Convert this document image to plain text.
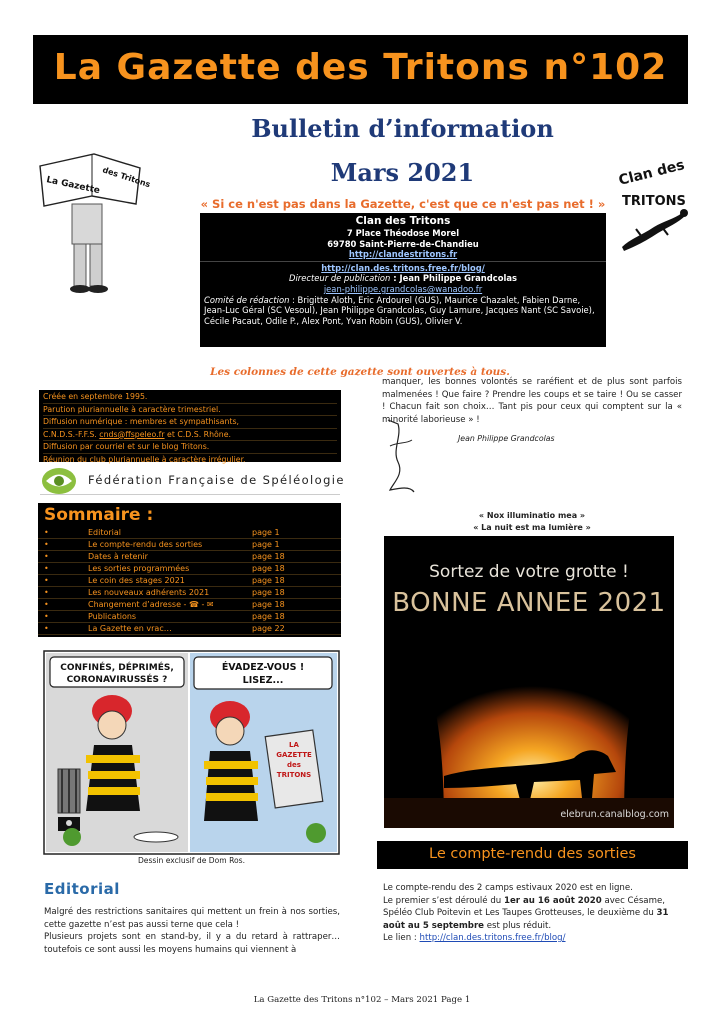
La Gazette des Tritons n°102
La Gazette des Tritons
Bulletin d’information
Mars 2021
« Si ce n'est pas dans la Gazette, c'est que ce n'est pas net ! »
Clan des
TRITONS
Clan des Tritons
7 Place Théodose Morel
69780 Saint-Pierre-de-Chandieu
http://clandestritons.fr
http://clan.des.tritons.free.fr/blog/
Directeur de publication : Jean Philippe Grandcolas
jean-philippe.grandcolas@wanadoo.fr
Comité de rédaction : Brigitte Aloth, Eric Ardourel (GUS), Maurice Chazalet, Fabien Darne, Jean-Luc Géral (SC Vesoul), Jean Philippe Grandcolas, Guy Lamure, Jacques Nant (SC Savoie), Cécile Pacaut, Odile P., Alex Pont, Yvan Robin (GUS), Olivier V.
Les colonnes de cette gazette sont ouvertes à tous.
Créée en septembre 1995.
Parution pluriannuelle à caractère trimestriel.
Diffusion numérique : membres et sympathisants,
C.N.D.S.-F.F.S. cnds@ffspeleo.fr et C.D.S. Rhône.
Diffusion par courriel et sur le blog Tritons.
Réunion du club pluriannuelle à caractère irrégulier.
Fédération Française de Spéléologie
Sommaire :
•	Editorial	page 1
•	Le compte-rendu des sorties	page 1
•	Dates à retenir	page 18
•	Les sorties programmées	page 18
•	Le coin des stages 2021	page 18
•	Les nouveaux adhérents 2021	page 18
•	Changement d’adresse - ☎ - ✉	page 18
•	Publications	page 18
•	La Gazette en vrac…	page 22
CONFINÉS, DÉPRIMÉS,
CORONAVIRUSSÉS ?
ÉVADEZ-VOUS !
LISEZ...
LA
GAZETTE
des
TRITONS
Dessin exclusif de Dom Ros.
Editorial

Malgré des restrictions sanitaires qui mettent un frein à nos sorties, cette gazette n’est pas aussi terne que cela !

Plusieurs projets sont en stand-by, il y a du retard à rattraper… toutefois ce sont aussi les moyens humains qui viennent à

manquer, les bonnes volontés se raréfient et de plus sont parfois malmenées ! Que faire ? Prendre les coups et se taire ! Ou se casser ! Chacun fait son choix… Tant pis pour ceux qui comptent sur la « minorité laborieuse » !
Jean Philippe Grandcolas
« Nox illuminatio mea »
« La nuit est ma lumière »
Sortez de votre grotte !
BONNE ANNEE 2021
elebrun.canalblog.com
Le compte-rendu des sorties

Le compte-rendu des 2 camps estivaux 2020 est en ligne.

Le premier s’est déroulé du 1er au 16 août 2020 avec Césame, Spéléo Club Poitevin et Les Taupes Grotteuses, le deuxième du 31 août au 5 septembre est plus réduit.

Le lien : http://clan.des.tritons.free.fr/blog/

La Gazette des Tritons n°102 – Mars 2021 Page 1
